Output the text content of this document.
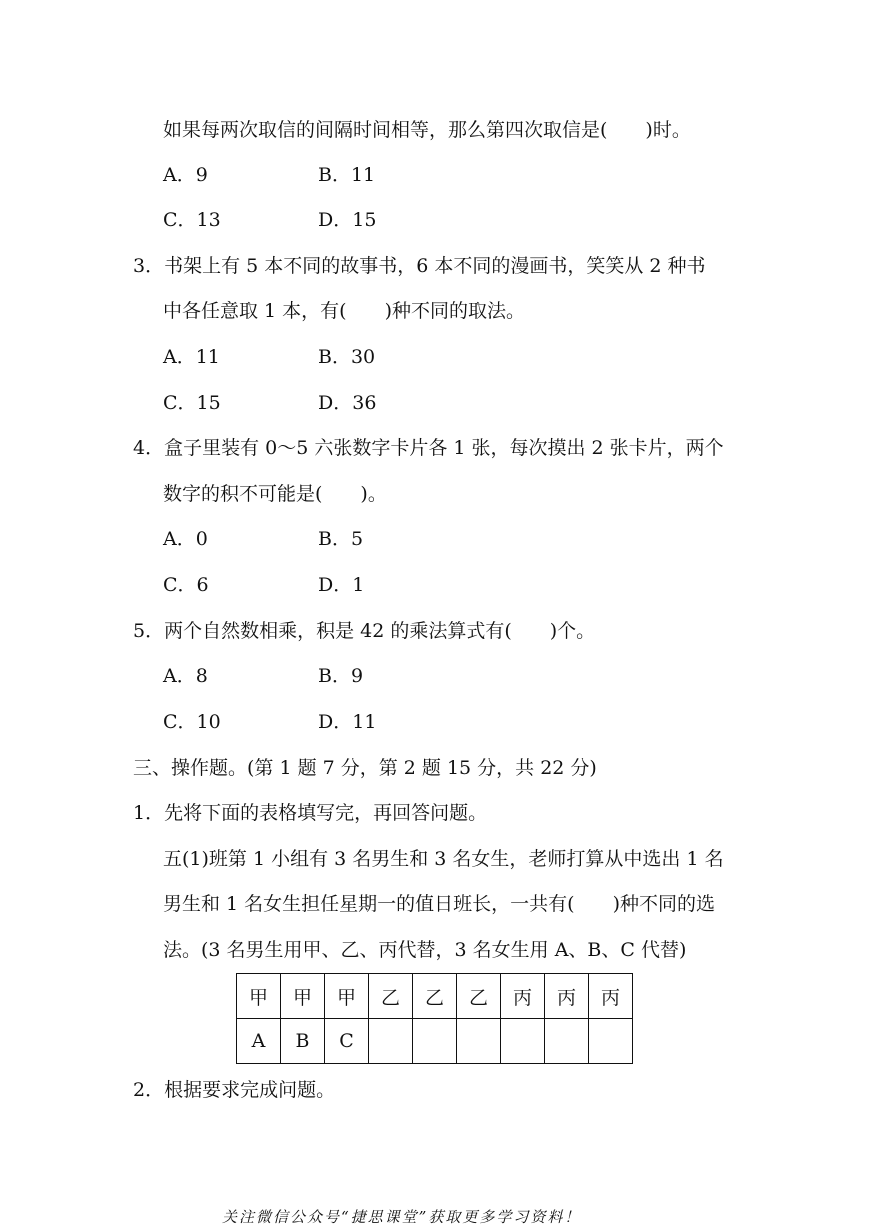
如果每两次取信的间隔时间相等，那么第四次取信是(　　)时。
A．9	B．11
C．13	D．15
3．书架上有 5 本不同的故事书，6 本不同的漫画书，笑笑从 2 种书
中各任意取 1 本，有(　　)种不同的取法。
A．11	B．30
C．15	D．36
4．盒子里装有 0～5 六张数字卡片各 1 张，每次摸出 2 张卡片，两个
数字的积不可能是(　　)。
A．0	B．5
C．6	D．1
5．两个自然数相乘，积是 42 的乘法算式有(　　)个。
A．8	B．9
C．10	D．11
三、操作题。(第 1 题 7 分，第 2 题 15 分，共 22 分)
1．先将下面的表格填写完，再回答问题。
五(1)班第 1 小组有 3 名男生和 3 名女生，老师打算从中选出 1 名
男生和 1 名女生担任星期一的值日班长，一共有(　　)种不同的选
法。(3 名男生用甲、乙、丙代替，3 名女生用 A、B、C 代替)
甲	甲	甲	乙	乙	乙	丙	丙	丙
A	B	C						
2．根据要求完成问题。
关注微信公众号“捷思课堂”获取更多学习资料！
